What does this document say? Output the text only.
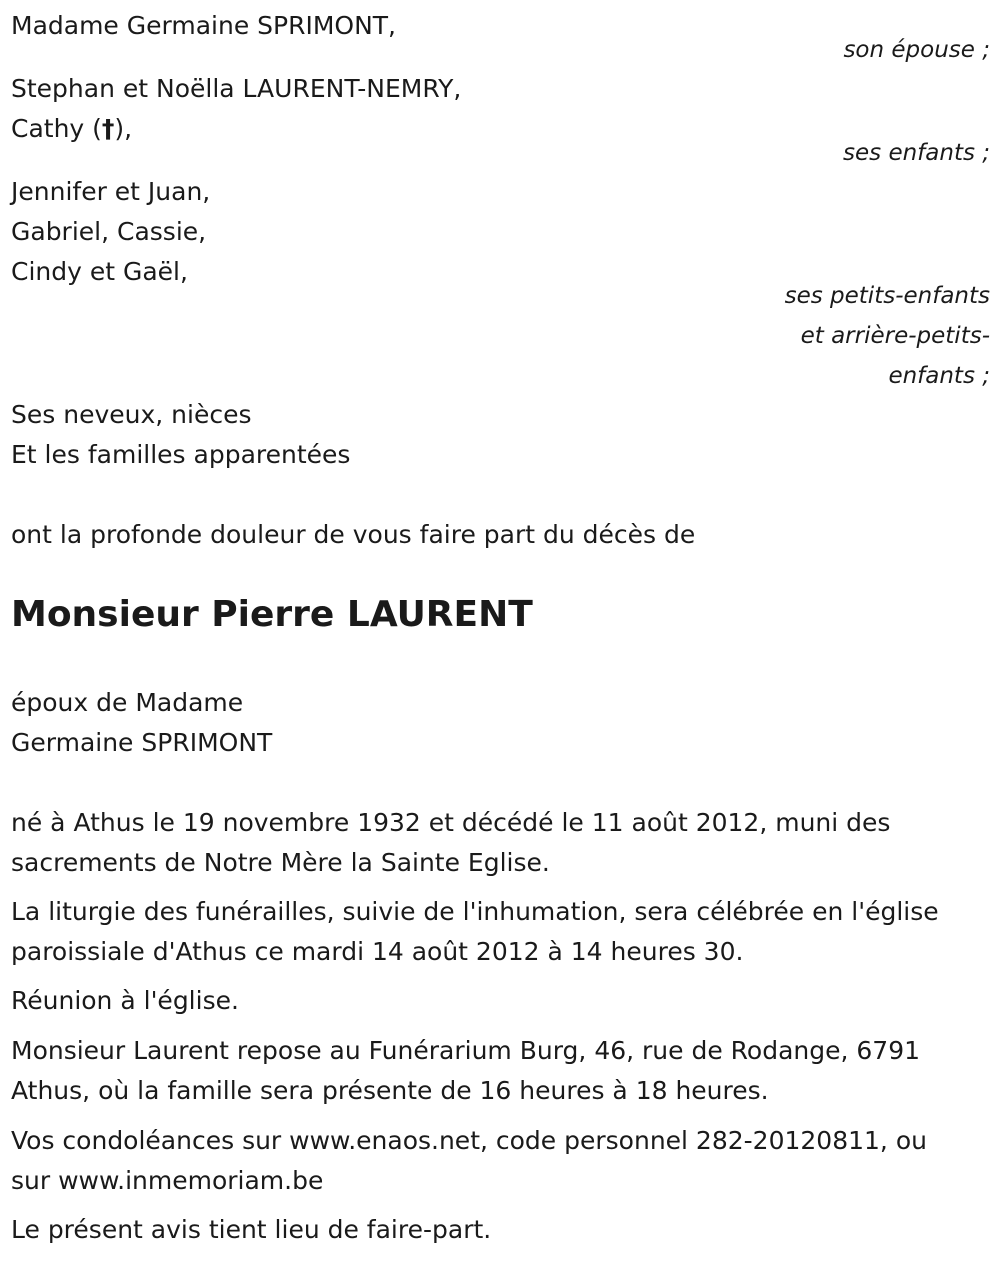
Madame Germaine SPRIMONT,
son épouse ;
Stephan et Noëlla LAURENT-NEMRY,
Cathy (†),
ses enfants ;
Jennifer et Juan,
Gabriel, Cassie,
Cindy et Gaël,
ses petits-enfants
et arrière-petits-
enfants ;
Ses neveux, nièces
Et les familles apparentées
ont la profonde douleur de vous faire part du décès de
Monsieur Pierre LAURENT
époux de Madame
Germaine SPRIMONT
né à Athus le 19 novembre 1932 et décédé le 11 août 2012, muni des
sacrements de Notre Mère la Sainte Eglise.
La liturgie des funérailles, suivie de l'inhumation, sera célébrée en l'église
paroissiale d'Athus ce mardi 14 août 2012 à 14 heures 30.
Réunion à l'église.
Monsieur Laurent repose au Funérarium Burg, 46, rue de Rodange, 6791
Athus, où la famille sera présente de 16 heures à 18 heures.
Vos condoléances sur www.enaos.net, code personnel 282-20120811, ou
sur www.inmemoriam.be
Le présent avis tient lieu de faire-part.
